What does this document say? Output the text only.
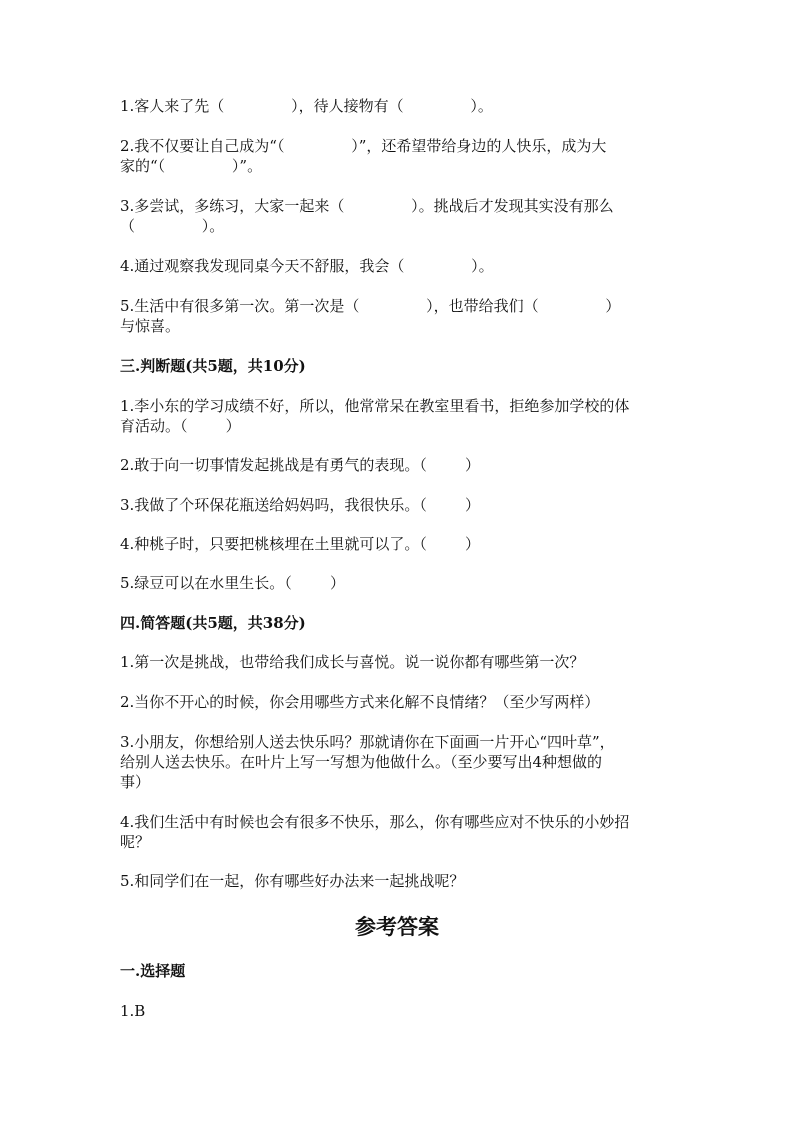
1.客人来了先（              ），待人接物有（              ）。
2.我不仅要让自己成为“（              ）”，还希望带给身边的人快乐，成为大
家的“（              ）”。
3.多尝试，多练习，大家一起来（              ）。挑战后才发现其实没有那么
（              ）。
4.通过观察我发现同桌今天不舒服，我会（              ）。
5.生活中有很多第一次。第一次是（              ），也带给我们（              ）
与惊喜。
三.判断题(共5题，共10分)
1.李小东的学习成绩不好，所以，他常常呆在教室里看书，拒绝参加学校的体
育活动。（        ）
2.敢于向一切事情发起挑战是有勇气的表现。（        ）
3.我做了个环保花瓶送给妈妈吗，我很快乐。（        ）
4.种桃子时，只要把桃核埋在土里就可以了。（        ）
5.绿豆可以在水里生长。（        ）
四.简答题(共5题，共38分)
1.第一次是挑战，也带给我们成长与喜悦。说一说你都有哪些第一次？
2.当你不开心的时候，你会用哪些方式来化解不良情绪？（至少写两样）
3.小朋友，你想给别人送去快乐吗？那就请你在下面画一片开心“四叶草”，
给别人送去快乐。在叶片上写一写想为他做什么。（至少要写出4种想做的
事）
4.我们生活中有时候也会有很多不快乐，那么，你有哪些应对不快乐的小妙招
呢？
5.和同学们在一起，你有哪些好办法来一起挑战呢？
参考答案
一.选择题
1.B
